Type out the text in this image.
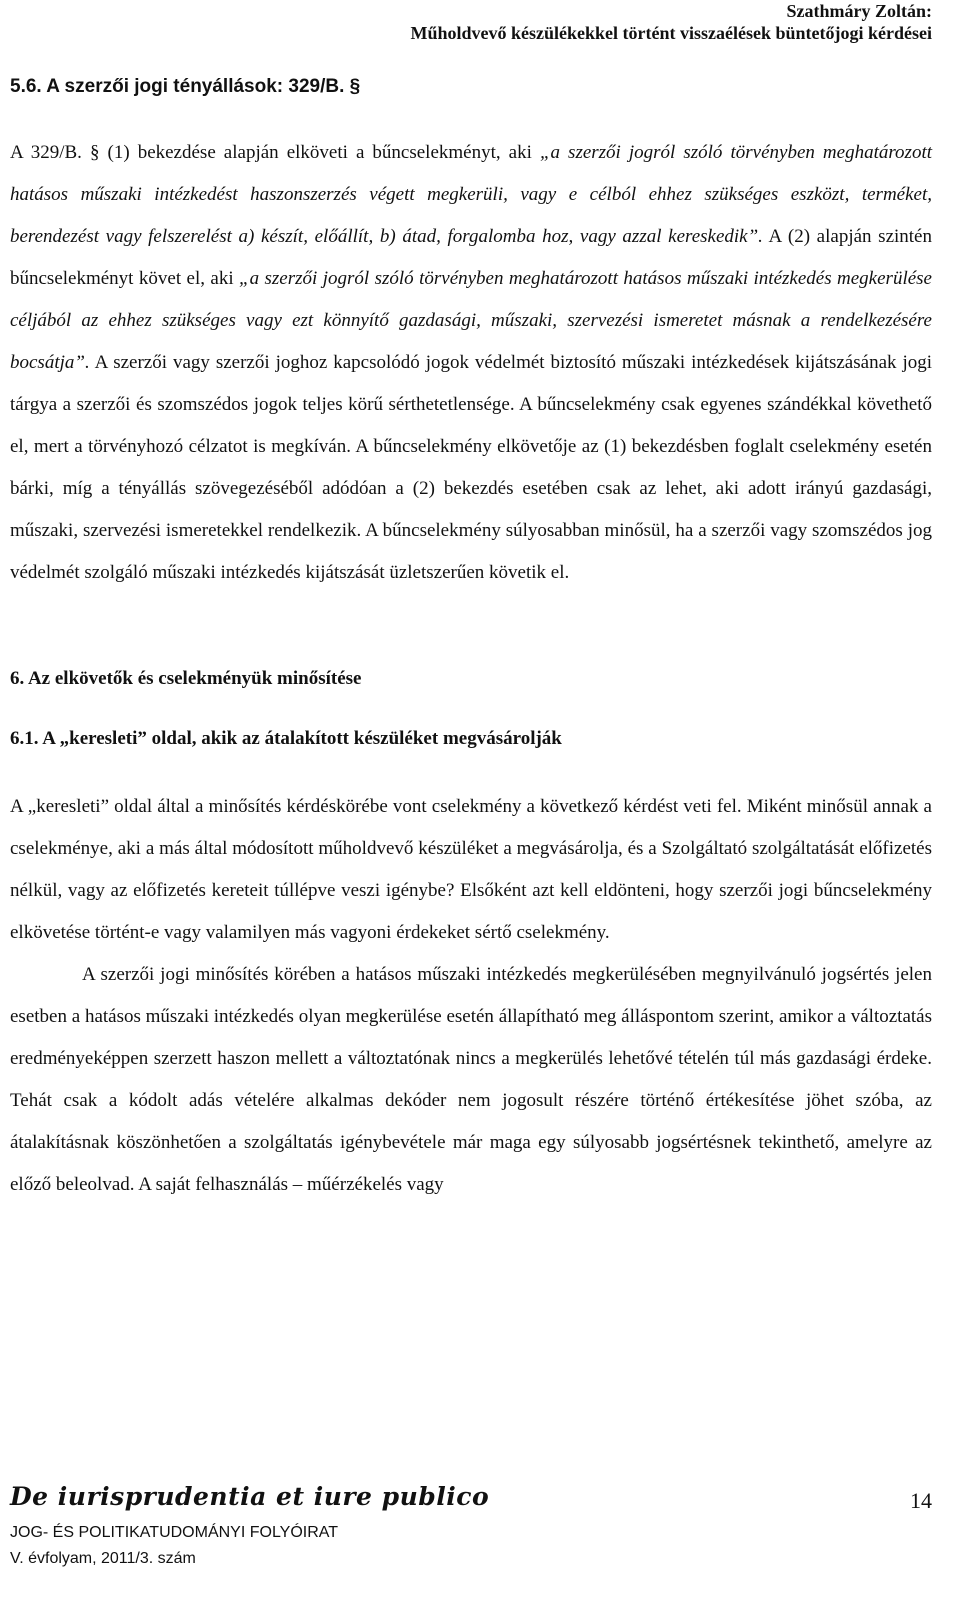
Szathmáry Zoltán:
Műholdvevő készülékekkel történt visszaélések büntetőjogi kérdései
5.6. A szerzői jogi tényállások: 329/B. §

A 329/B. § (1) bekezdése alapján elköveti a bűncselekményt, aki „a szerzői jogról szóló törvényben meghatározott hatásos műszaki intézkedést haszonszerzés végett megkerüli, vagy e célból ehhez szükséges eszközt, terméket, berendezést vagy felszerelést a) készít, előállít, b) átad, forgalomba hoz, vagy azzal kereskedik”. A (2) alapján szintén bűncselekményt követ el, aki „a szerzői jogról szóló törvényben meghatározott hatásos műszaki intézkedés megkerülése céljából az ehhez szükséges vagy ezt könnyítő gazdasági, műszaki, szervezési ismeretet másnak a rendelkezésére bocsátja”. A szerzői vagy szerzői joghoz kapcsolódó jogok védelmét biztosító műszaki intézkedések kijátszásának jogi tárgya a szerzői és szomszédos jogok teljes körű sérthetetlensége. A bűncselekmény csak egyenes szándékkal követhető el, mert a törvényhozó célzatot is megkíván. A bűncselekmény elkövetője az (1) bekezdésben foglalt cselekmény esetén bárki, míg a tényállás szövegezéséből adódóan a (2) bekezdés esetében csak az lehet, aki adott irányú gazdasági, műszaki, szervezési ismeretekkel rendelkezik. A bűncselekmény súlyosabban minősül, ha a szerzői vagy szomszédos jog védelmét szolgáló műszaki intézkedés kijátszását üzletszerűen követik el.

6. Az elkövetők és cselekményük minősítése
6.1. A „keresleti” oldal, akik az átalakított készüléket megvásárolják

A „keresleti” oldal által a minősítés kérdéskörébe vont cselekmény a következő kérdést veti fel. Miként minősül annak a cselekménye, aki a más által módosított műholdvevő készüléket a megvásárolja, és a Szolgáltató szolgáltatását előfizetés nélkül, vagy az előfizetés kereteit túllépve veszi igénybe? Elsőként azt kell eldönteni, hogy szerzői jogi bűncselekmény elkövetése történt-e vagy valamilyen más vagyoni érdekeket sértő cselekmény.

A szerzői jogi minősítés körében a hatásos műszaki intézkedés megkerülésében megnyilvánuló jogsértés jelen esetben a hatásos műszaki intézkedés olyan megkerülése esetén állapítható meg álláspontom szerint, amikor a változtatás eredményeképpen szerzett haszon mellett a változtatónak nincs a megkerülés lehetővé tételén túl más gazdasági érdeke. Tehát csak a kódolt adás vételére alkalmas dekóder nem jogosult részére történő értékesítése jöhet szóba, az átalakításnak köszönhetően a szolgáltatás igénybevétele már maga egy súlyosabb jogsértésnek tekinthető, amelyre az előző beleolvad. A saját felhasználás – műérzékelés vagy

De iurisprudentia et iure publico	14
JOG- ÉS POLITIKATUDOMÁNYI FOLYÓIRAT
V. évfolyam, 2011/3. szám
